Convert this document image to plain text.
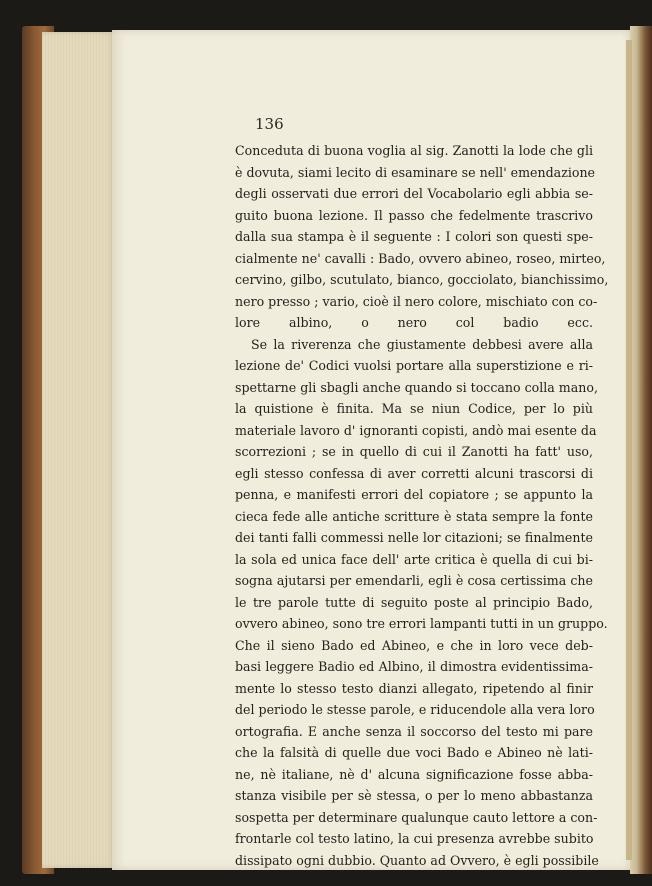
136
Conceduta di buona voglia al sig. Zanotti la lode che gli
è dovuta, siami lecito di esaminare se nell' emendazione
degli osservati due errori del Vocabolario egli abbia se-
guito buona lezione. Il passo che fedelmente trascrivo
dalla sua stampa è il seguente : I colori son questi spe-
cialmente ne' cavalli : Bado, ovvero abineo, roseo, mirteo,
cervino, gilbo, scutulato, bianco, gocciolato, bianchissimo,
nero presso ; vario, cioè il nero colore, mischiato con co-
lore albino, o nero col badio ecc.
Se la riverenza che giustamente debbesi avere alla
lezione de' Codici vuolsi portare alla superstizione e ri-
spettarne gli sbagli anche quando si toccano colla mano,
la quistione è finita. Ma se niun Codice, per lo più
materiale lavoro d' ignoranti copisti, andò mai esente da
scorrezioni ; se in quello di cui il Zanotti ha fatt' uso,
egli stesso confessa di aver corretti alcuni trascorsi di
penna, e manifesti errori del copiatore ; se appunto la
cieca fede alle antiche scritture è stata sempre la fonte
dei tanti falli commessi nelle lor citazioni; se finalmente
la sola ed unica face dell' arte critica è quella di cui bi-
sogna ajutarsi per emendarli, egli è cosa certissima che
le tre parole tutte di seguito poste al principio Bado,
ovvero abineo, sono tre errori lampanti tutti in un gruppo.
Che il sieno Bado ed Abineo, e che in loro vece deb-
basi leggere Badio ed Albino, il dimostra evidentissima-
mente lo stesso testo dianzi allegato, ripetendo al finir
del periodo le stesse parole, e riducendole alla vera loro
ortografia. E anche senza il soccorso del testo mi pare
che la falsità di quelle due voci Bado e Abineo nè lati-
ne, nè italiane, nè d' alcuna significazione fosse abba-
stanza visibile per sè stessa, o per lo meno abbastanza
sospetta per determinare qualunque cauto lettore a con-
frontarle col testo latino, la cui presenza avrebbe subito
dissipato ogni dubbio. Quanto ad Ovvero, è egli possibile
